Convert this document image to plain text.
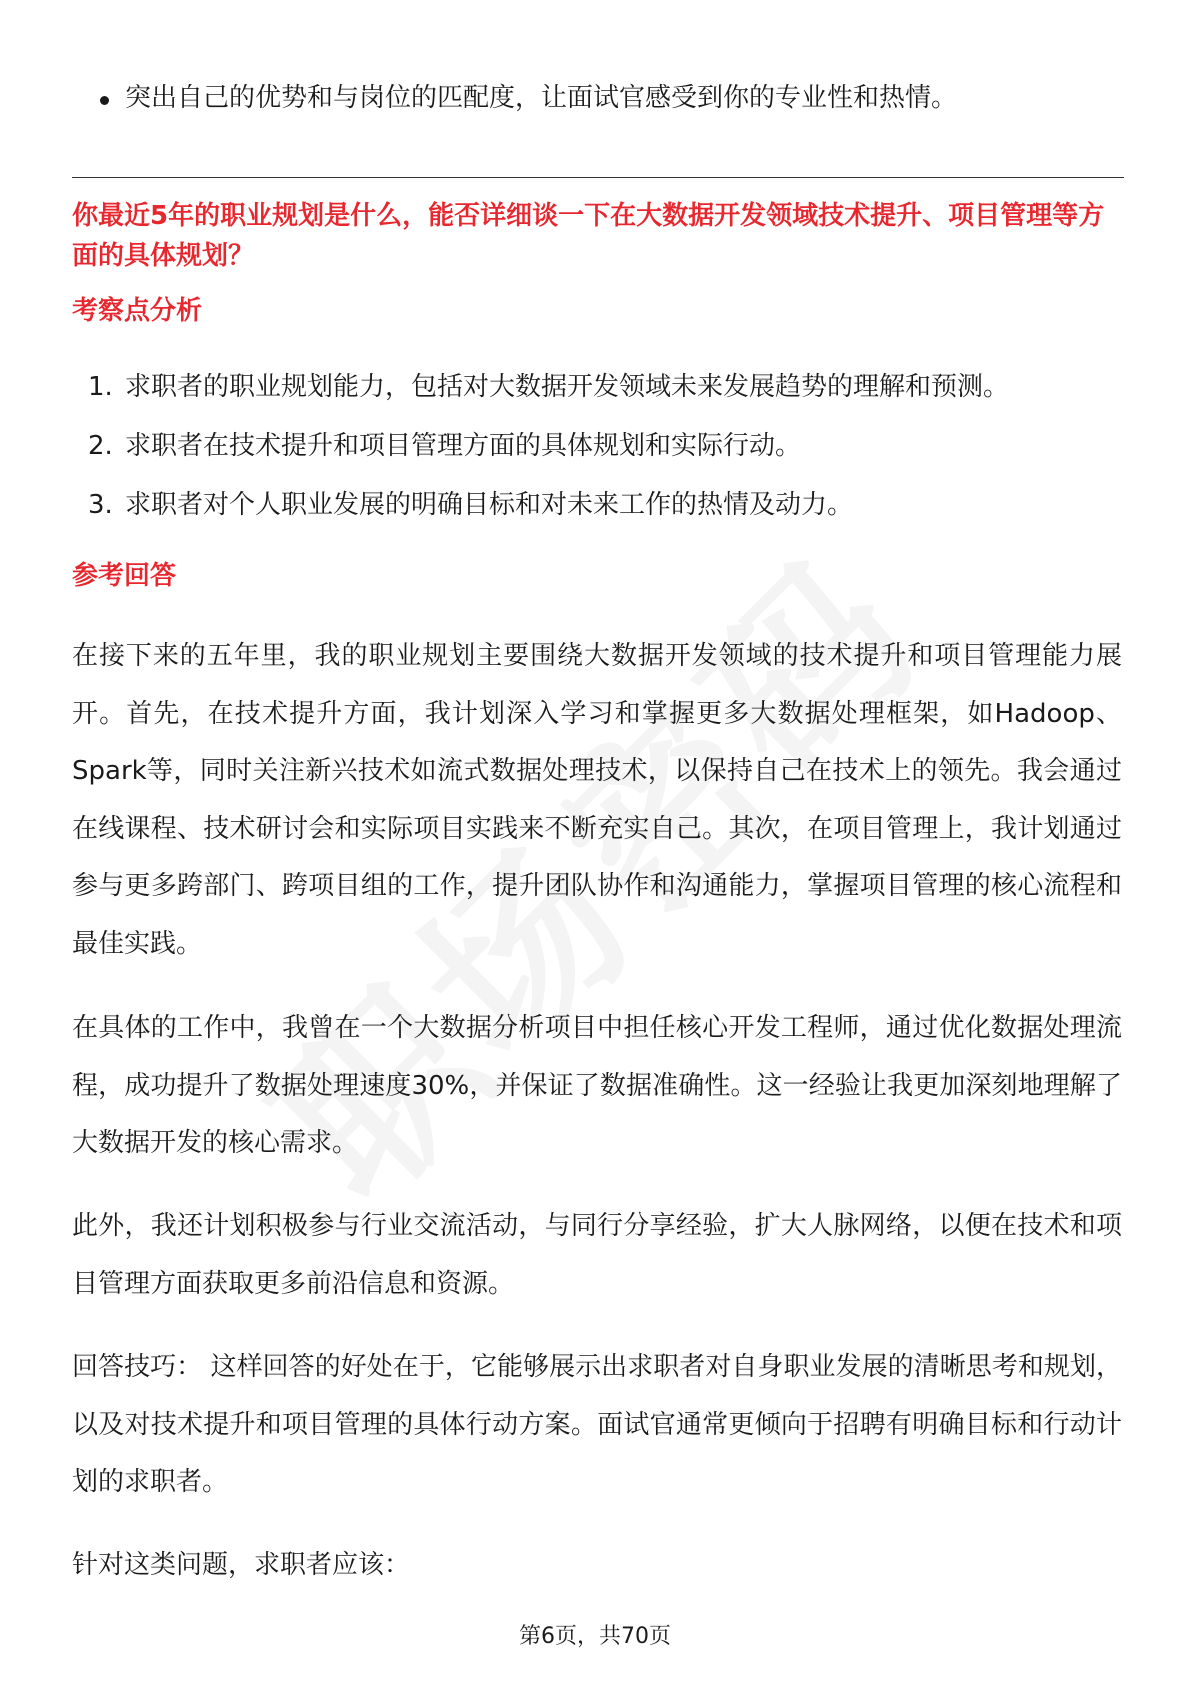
突出自己的优势和与岗位的匹配度，让面试官感受到你的专业性和热情。
你最近5年的职业规划是什么，能否详细谈一下在大数据开发领域技术提升、项目管理等方面的具体规划？
考察点分析
1. 求职者的职业规划能力，包括对大数据开发领域未来发展趋势的理解和预测。
2. 求职者在技术提升和项目管理方面的具体规划和实际行动。
3. 求职者对个人职业发展的明确目标和对未来工作的热情及动力。
参考回答

在接下来的五年里，我的职业规划主要围绕大数据开发领域的技术提升和项目管理能力展开。首先，在技术提升方面，我计划深入学习和掌握更多大数据处理框架，如Hadoop、Spark等，同时关注新兴技术如流式数据处理技术，以保持自己在技术上的领先。我会通过在线课程、技术研讨会和实际项目实践来不断充实自己。其次，在项目管理上，我计划通过参与更多跨部门、跨项目组的工作，提升团队协作和沟通能力，掌握项目管理的核心流程和最佳实践。

在具体的工作中，我曾在一个大数据分析项目中担任核心开发工程师，通过优化数据处理流程，成功提升了数据处理速度30%，并保证了数据准确性。这一经验让我更加深刻地理解了大数据开发的核心需求。

此外，我还计划积极参与行业交流活动，与同行分享经验，扩大人脉网络，以便在技术和项目管理方面获取更多前沿信息和资源。

回答技巧： 这样回答的好处在于，它能够展示出求职者对自身职业发展的清晰思考和规划，以及对技术提升和项目管理的具体行动方案。面试官通常更倾向于招聘有明确目标和行动计划的求职者。

针对这类问题，求职者应该：

第6页，共70页
